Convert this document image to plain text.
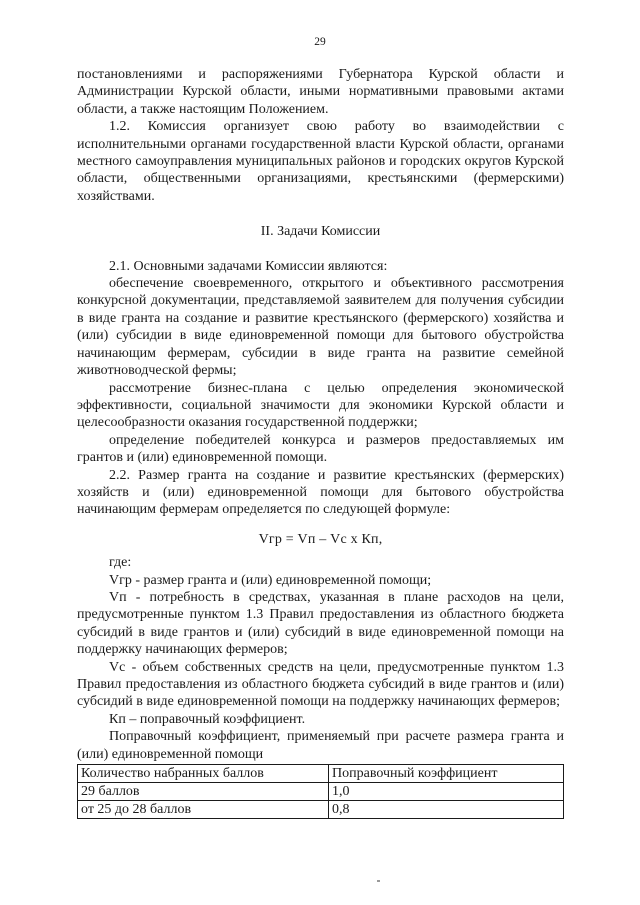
29

постановлениями и распоряжениями Губернатора Курской области и Администрации Курской области, иными нормативными правовыми актами области, а также настоящим Положением.

1.2. Комиссия организует свою работу во взаимодействии с исполнительными органами государственной власти Курской области, органами местного самоуправления муниципальных районов и городских округов Курской области, общественными организациями, крестьянскими (фермерскими) хозяйствами.

II. Задачи Комиссии

2.1. Основными задачами Комиссии являются:

обеспечение своевременного, открытого и объективного рассмотрения конкурсной документации, представляемой заявителем для получения субсидии в виде гранта на создание и развитие крестьянского (фермерского) хозяйства и (или) субсидии в виде единовременной помощи для бытового обустройства начинающим фермерам, субсидии в виде гранта на развитие семейной животноводческой фермы;

рассмотрение бизнес-плана с целью определения экономической эффективности, социальной значимости для экономики Курской области и целесообразности оказания государственной поддержки;

определение победителей конкурса и размеров предоставляемых им грантов и (или) единовременной помощи.

2.2. Размер гранта на создание и развитие крестьянских (фермерских) хозяйств и (или) единовременной помощи для бытового обустройства начинающим фермерам определяется по следующей формуле:

Vгр = Vп – Vс х Кп,

где:

Vгр - размер гранта и (или) единовременной помощи;

Vп - потребность в средствах, указанная в плане расходов на цели, предусмотренные пунктом 1.3 Правил предоставления из областного бюджета субсидий в виде грантов и (или) субсидий в виде единовременной помощи на поддержку начинающих фермеров;

Vс - объем собственных средств на цели, предусмотренные пунктом 1.3 Правил предоставления из областного бюджета субсидий в виде грантов и (или) субсидий в виде единовременной помощи на поддержку начинающих фермеров;

Кп – поправочный коэффициент.

Поправочный коэффициент, применяемый при расчете размера гранта и (или) единовременной помощи

Количество набранных баллов	Поправочный коэффициент
29 баллов	1,0
от 25 до 28 баллов	0,8
